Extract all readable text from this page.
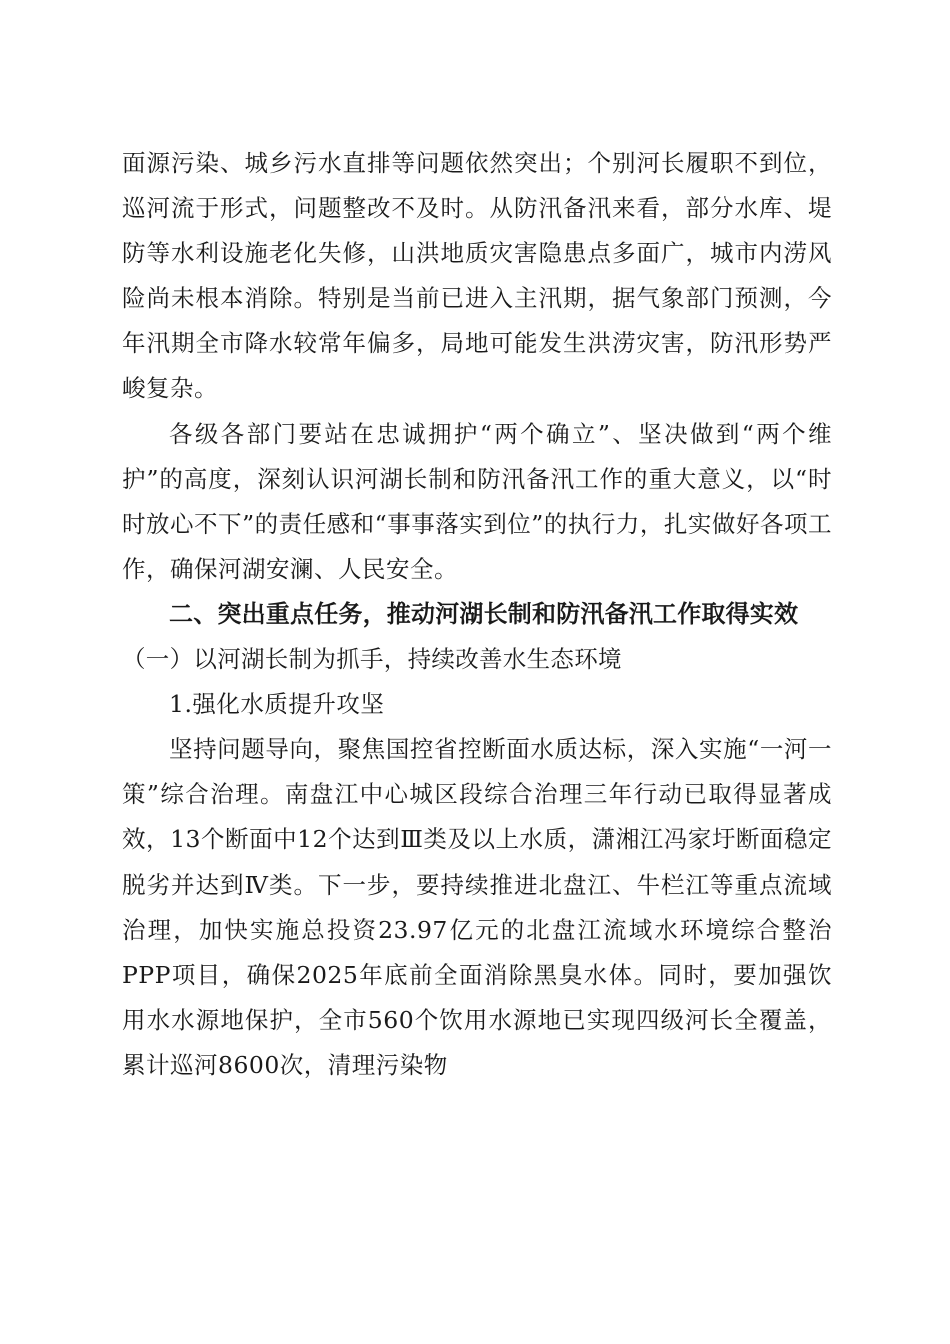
面源污染、城乡污水直排等问题依然突出；个别河长履职不到位，巡河流于形式，问题整改不及时。从防汛备汛来看，部分水库、堤防等水利设施老化失修，山洪地质灾害隐患点多面广，城市内涝风险尚未根本消除。特别是当前已进入主汛期，据气象部门预测，今年汛期全市降水较常年偏多，局地可能发生洪涝灾害，防汛形势严峻复杂。

各级各部门要站在忠诚拥护“两个确立”、坚决做到“两个维护”的高度，深刻认识河湖长制和防汛备汛工作的重大意义，以“时时放心不下”的责任感和“事事落实到位”的执行力，扎实做好各项工作，确保河湖安澜、人民安全。

二、突出重点任务，推动河湖长制和防汛备汛工作取得实效

（一）以河湖长制为抓手，持续改善水生态环境

1.强化水质提升攻坚

坚持问题导向，聚焦国控省控断面水质达标，深入实施“一河一策”综合治理。南盘江中心城区段综合治理三年行动已取得显著成效，13个断面中12个达到Ⅲ类及以上水质，潇湘江冯家圩断面稳定脱劣并达到Ⅳ类。下一步，要持续推进北盘江、牛栏江等重点流域治理，加快实施总投资23.97亿元的北盘江流域水环境综合整治PPP项目，确保2025年底前全面消除黑臭水体。同时，要加强饮用水水源地保护，全市560个饮用水源地已实现四级河长全覆盖，累计巡河8600次，清理污染物
